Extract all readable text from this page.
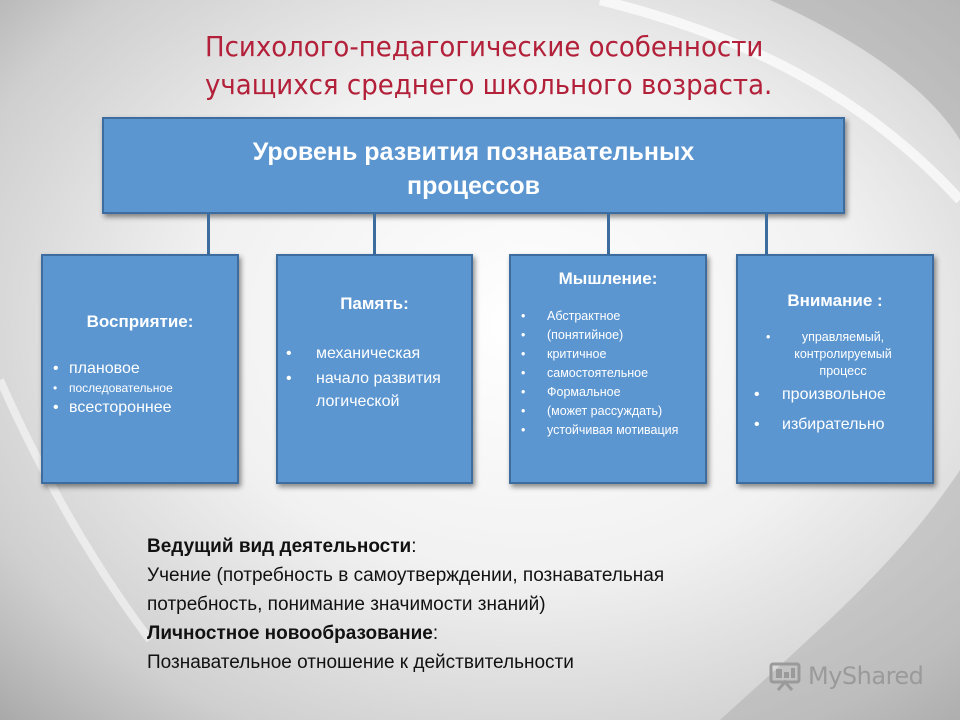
Психолого-педагогические особенности
учащихся среднего школьного возраста.
Уровень развития познавательных
процессов
Восприятие:
• плановое
• последовательное
• всестороннее
Память:
• механическая
• начало развития логической
Мышление:
• Абстрактное
• (понятийное)
• критичное
• самостоятельное
• Формальное
• (может рассуждать)
• устойчивая мотивация
Внимание :
• управляемый, контролируемый процесс
• произвольное
• избирательно
Ведущий вид деятельности:
Учение (потребность в самоутверждении, познавательная
потребность, понимание значимости знаний)
Личностное новообразование:
Познавательное отношение к действительности	MyShared
